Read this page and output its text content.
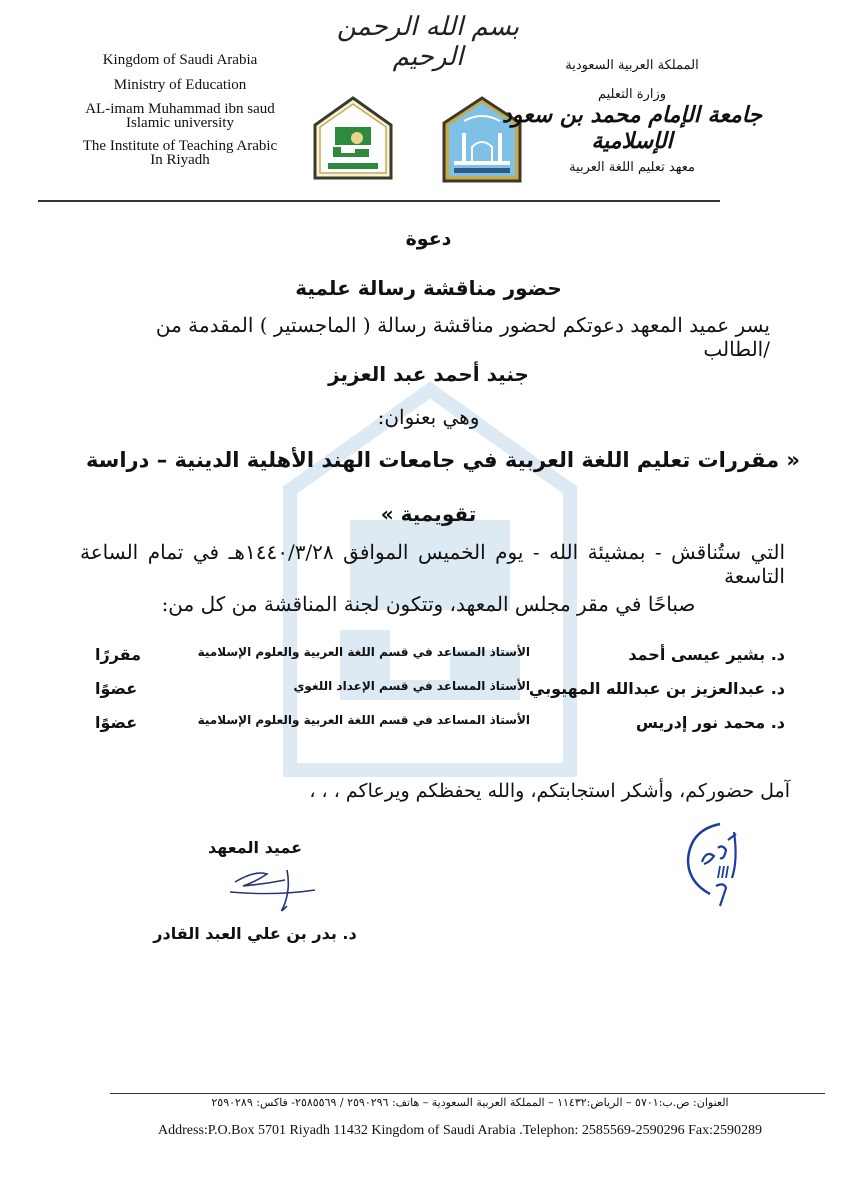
بسم الله الرحمن الرحيم
Kingdom of Saudi Arabia
Ministry of Education
AL-imam Muhammad ibn saud
Islamic university
The Institute of Teaching Arabic
In Riyadh
المملكة العربية السعودية
وزارة التعليم
جامعة الإمام محمد بن سعود الإسلامية
معهد تعليم اللغة العربية
دعوة
حضور مناقشة رسالة علمية
يسر عميد المعهد دعوتكم لحضور مناقشة رسالة ( الماجستير ) المقدمة من الطالب/
جنيد أحمد عبد العزيز
وهي بعنوان:
« مقررات تعليم اللغة العربية في جامعات الهند الأهلية الدينية – دراسة
تقويمية »
التي ستُناقش - بمشيئة الله - يوم الخميس الموافق ١٤٤٠/٣/٢٨هـ في تمام الساعة التاسعة
صباحًا في مقر مجلس المعهد، وتتكون لجنة المناقشة من كل من:
د. بشير عيسى أحمد
الأستاذ المساعد في قسم اللغة العربية والعلوم الإسلامية
مقررًا
د. عبدالعزيز بن عبدالله المهيوبي
الأستاذ المساعد في قسم الإعداد اللغوي
عضوًا
د. محمد نور إدريس
الأستاذ المساعد في قسم اللغة العربية والعلوم الإسلامية
عضوًا
آمل حضوركم، وأشكر استجابتكم، والله يحفظكم ويرعاكم ، ، ،
عميد المعهد
د. بدر بن علي العبد القادر
العنوان: ص.ب:٥٧٠١ – الرياض:١١٤٣٢ – المملكة العربية السعودية – هاتف: ٢٥٩٠٢٩٦ / ٢٥٨٥٥٦٩- فاكس: ٢٥٩٠٢٨٩
Address:P.O.Box 5701 Riyadh 11432 Kingdom of Saudi Arabia .Telephon: 2585569-2590296 Fax:2590289
